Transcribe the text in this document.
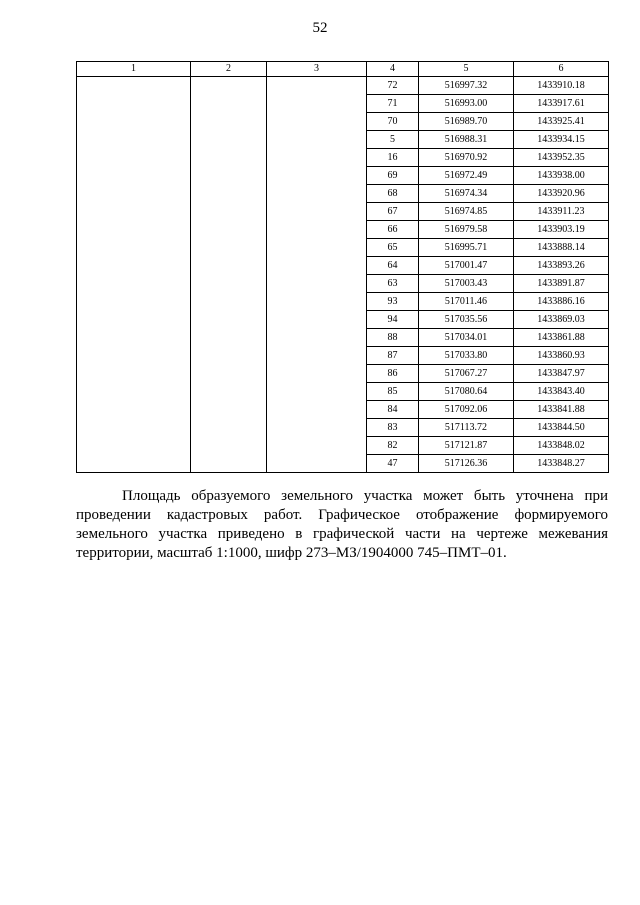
52
1	2	3	4	5	6
			72	516997.32	1433910.18
			71	516993.00	1433917.61
			70	516989.70	1433925.41
			5	516988.31	1433934.15
			16	516970.92	1433952.35
			69	516972.49	1433938.00
			68	516974.34	1433920.96
			67	516974.85	1433911.23
			66	516979.58	1433903.19
			65	516995.71	1433888.14
			64	517001.47	1433893.26
			63	517003.43	1433891.87
			93	517011.46	1433886.16
			94	517035.56	1433869.03
			88	517034.01	1433861.88
			87	517033.80	1433860.93
			86	517067.27	1433847.97
			85	517080.64	1433843.40
			84	517092.06	1433841.88
			83	517113.72	1433844.50
			82	517121.87	1433848.02
			47	517126.36	1433848.27

Площадь образуемого земельного участка может быть уточнена при проведении кадастровых работ. Графическое отображение формируемого земельного участка приведено в графической части на чертеже межевания территории, масштаб 1:1000, шифр 273–МЗ/1904000 745–ПМТ–01.
